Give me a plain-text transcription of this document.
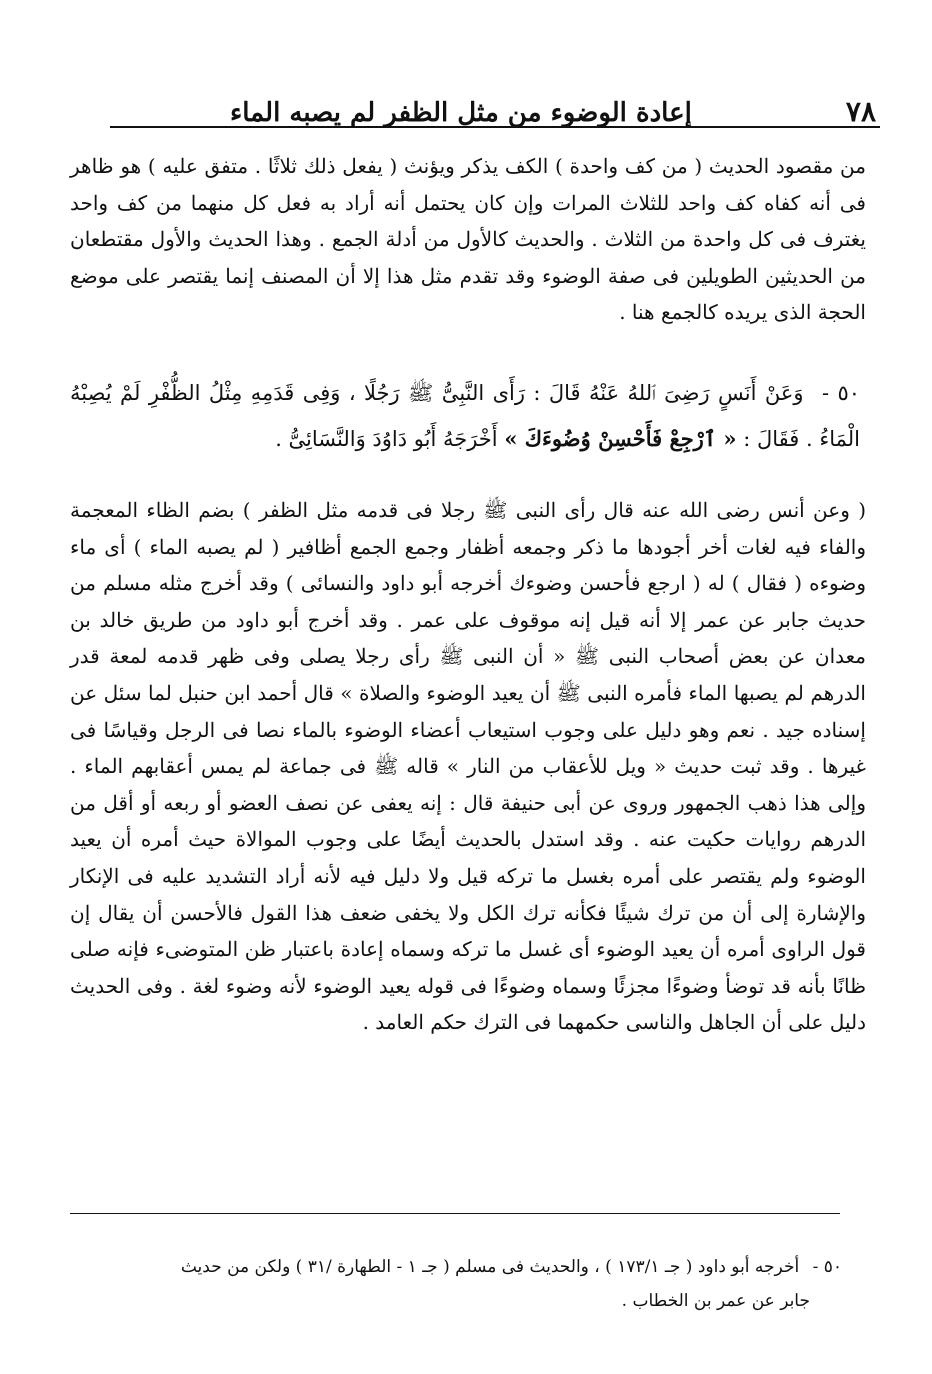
٧٨
إعادة الوضوء من مثل الظفر لم يصبه الماء

من مقصود الحديث ( من كف واحدة ) الكف يذكر ويؤنث ( يفعل ذلك ثلاثًا . متفق عليه ) هو ظاهر فى أنه كفاه كف واحد للثلاث المرات وإن كان يحتمل أنه أراد به فعل كل منهما من كف واحد يغترف فى كل واحدة من الثلاث . والحديث كالأول من أدلة الجمع . وهذا الحديث والأول مقتطعان من الحديثين الطويلين فى صفة الوضوء وقد تقدم مثل هذا إلا أن المصنف إنما يقتصر على موضع الحجة الذى يريده كالجمع هنا .

٥٠ - وَعَنْ أَنَسٍ رَضِىَ ٱللهُ عَنْهُ قَالَ : رَأَى النَّبِىُّ ﷺ رَجُلًا ، وَفِى قَدَمِهِ مِثْلُ الظُّفْرِ لَمْ يُصِبْهُ الْمَاءُ . فَقَالَ : « ٱرْجِعْ فَأَحْسِنْ وُضُوءَكَ » أَخْرَجَهُ أَبُو دَاوُدَ وَالنَّسَائِىُّ .

( وعن أنس رضى الله عنه قال رأى النبى ﷺ رجلا فى قدمه مثل الظفر ) بضم الظاء المعجمة والفاء فيه لغات أخر أجودها ما ذكر وجمعه أظفار وجمع الجمع أظافير ( لم يصبه الماء ) أى ماء وضوءه ( فقال ) له ( ارجع فأحسن وضوءك أخرجه أبو داود والنسائى ) وقد أخرج مثله مسلم من حديث جابر عن عمر إلا أنه قيل إنه موقوف على عمر . وقد أخرج أبو داود من طريق خالد بن معدان عن بعض أصحاب النبى ﷺ « أن النبى ﷺ رأى رجلا يصلى وفى ظهر قدمه لمعة قدر الدرهم لم يصبها الماء فأمره النبى ﷺ أن يعيد الوضوء والصلاة » قال أحمد ابن حنبل لما سئل عن إسناده جيد . نعم وهو دليل على وجوب استيعاب أعضاء الوضوء بالماء نصا فى الرجل وقياسًا فى غيرها . وقد ثبت حديث « ويل للأعقاب من النار » قاله ﷺ فى جماعة لم يمس أعقابهم الماء . وإلى هذا ذهب الجمهور وروى عن أبى حنيفة قال : إنه يعفى عن نصف العضو أو ربعه أو أقل من الدرهم روايات حكيت عنه . وقد استدل بالحديث أيضًا على وجوب الموالاة حيث أمره أن يعيد الوضوء ولم يقتصر على أمره بغسل ما تركه قيل ولا دليل فيه لأنه أراد التشديد عليه فى الإنكار والإشارة إلى أن من ترك شيئًا فكأنه ترك الكل ولا يخفى ضعف هذا القول فالأحسن أن يقال إن قول الراوى أمره أن يعيد الوضوء أى غسل ما تركه وسماه إعادة باعتبار ظن المتوضىء فإنه صلى ظانًا بأنه قد توضأ وضوءًا مجزئًا وسماه وضوءًا فى قوله يعيد الوضوء لأنه وضوء لغة . وفى الحديث دليل على أن الجاهل والناسى حكمهما فى الترك حكم العامد .

٥٠ - أخرجه أبو داود ( جـ ١٧٣/١ ) ، والحديث فى مسلم ( جـ ١ - الطهارة /٣١ ) ولكن من حديث
جابر عن عمر بن الخطاب .
